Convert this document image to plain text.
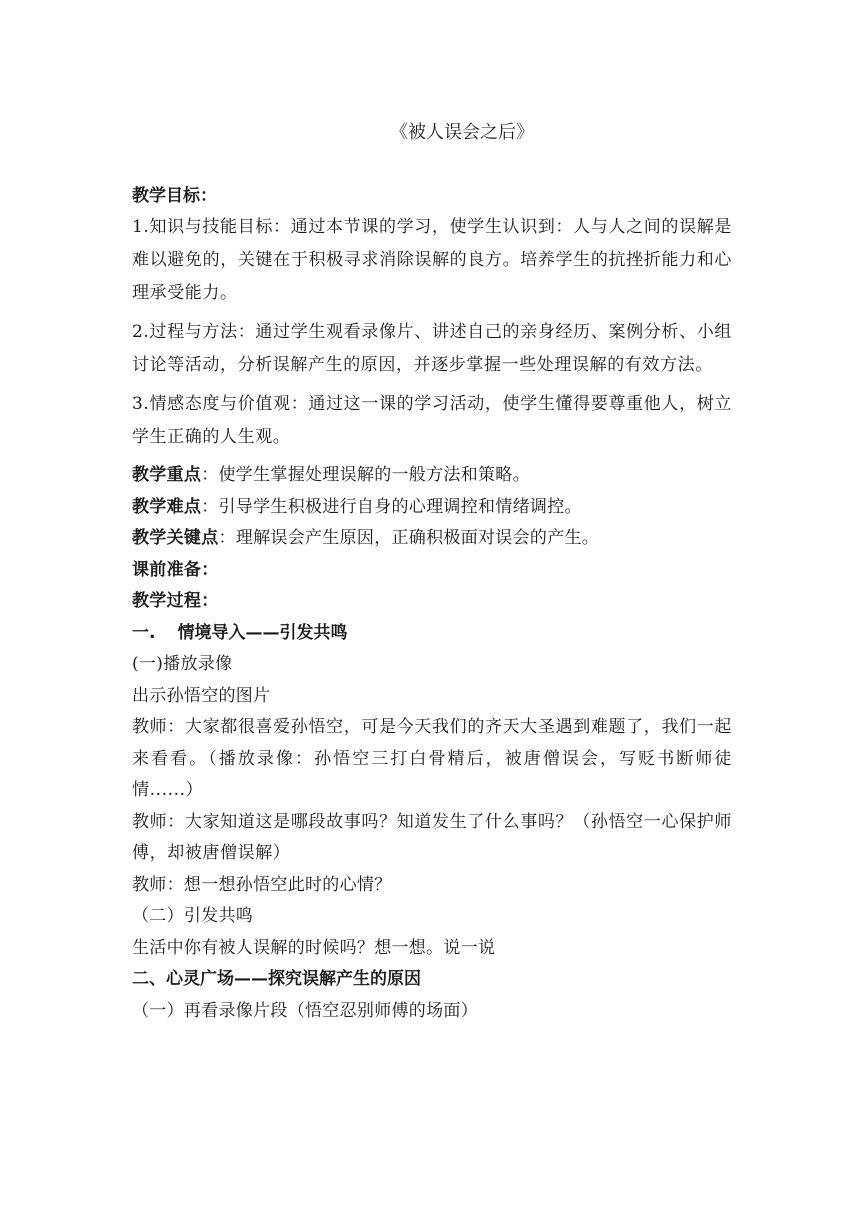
《被人误会之后》

教学目标：

1.知识与技能目标：通过本节课的学习，使学生认识到：人与人之间的误解是难以避免的，关键在于积极寻求消除误解的良方。培养学生的抗挫折能力和心理承受能力。

2.过程与方法：通过学生观看录像片、讲述自己的亲身经历、案例分析、小组讨论等活动，分析误解产生的原因，并逐步掌握一些处理误解的有效方法。

3.情感态度与价值观：通过这一课的学习活动，使学生懂得要尊重他人，树立学生正确的人生观。

教学重点：使学生掌握处理误解的一般方法和策略。

教学难点：引导学生积极进行自身的心理调控和情绪调控。

教学关键点：理解误会产生原因，正确积极面对误会的产生。

课前准备：

教学过程：

一. 情境导入——引发共鸣

(一)播放录像

出示孙悟空的图片

教师：大家都很喜爱孙悟空，可是今天我们的齐天大圣遇到难题了，我们一起来看看。（播放录像：孙悟空三打白骨精后，被唐僧误会，写贬书断师徒情......）

教师：大家知道这是哪段故事吗？知道发生了什么事吗？（孙悟空一心保护师傅，却被唐僧误解）

教师：想一想孙悟空此时的心情？

（二）引发共鸣

生活中你有被人误解的时候吗？想一想。说一说

二、心灵广场——探究误解产生的原因

（一）再看录像片段（悟空忍别师傅的场面）
